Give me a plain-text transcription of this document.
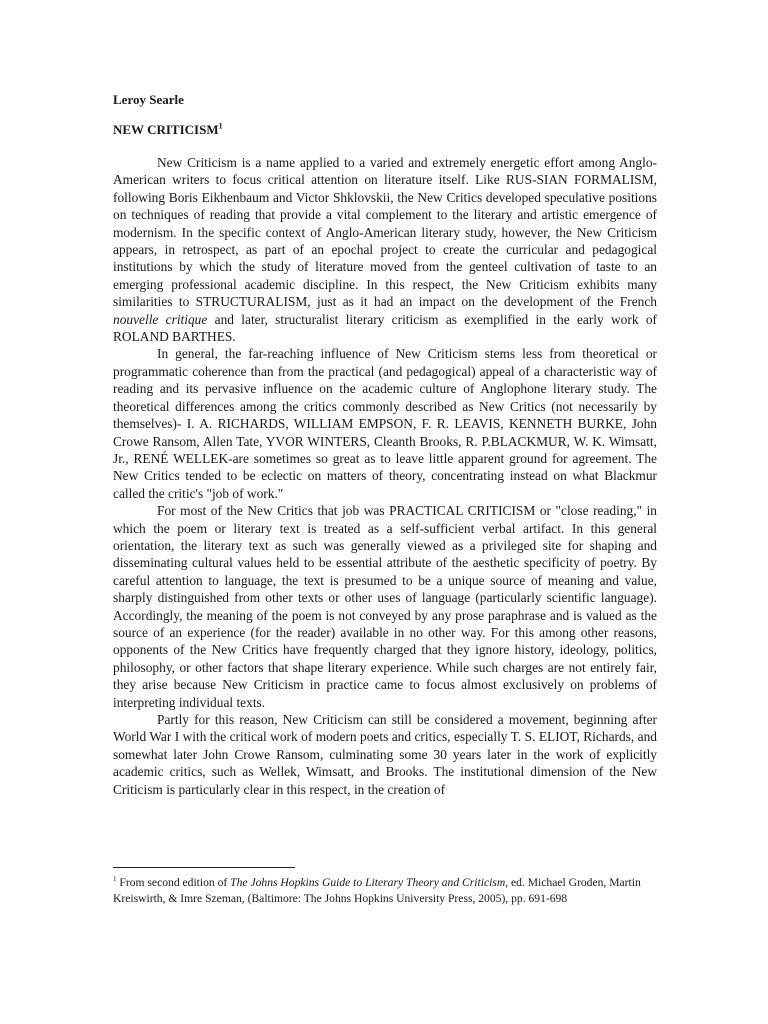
Leroy Searle

NEW CRITICISM$^1$

New Criticism is a name applied to a varied and extremely energetic effort among Anglo-American writers to focus critical attention on literature itself. Like RUS-SIAN FORMALISM, following Boris Eikhenbaum and Victor Shklovskii, the New Critics developed speculative positions on techniques of reading that provide a vital complement to the literary and artistic emergence of modernism. In the specific context of Anglo-American literary study, however, the New Criticism appears, in retrospect, as part of an epochal project to create the curricular and pedagogical institutions by which the study of literature moved from the genteel cultivation of taste to an emerging professional academic discipline. In this respect, the New Criticism exhibits many similarities to STRUCTURALISM, just as it had an impact on the development of the French nouvelle critique and later, structuralist literary criticism as exemplified in the early work of ROLAND BARTHES.

In general, the far-reaching influence of New Criticism stems less from theoretical or programmatic coherence than from the practical (and pedagogical) appeal of a characteristic way of reading and its pervasive influence on the academic culture of Anglophone literary study. The theoretical differences among the critics commonly described as New Critics (not necessarily by themselves)- I. A. RICHARDS, WILLIAM EMPSON, F. R. LEAVIS, KENNETH BURKE, John Crowe Ransom, Allen Tate, YVOR WINTERS, Cleanth Brooks, R. P.BLACKMUR, W. K. Wimsatt, Jr., RENÉ WELLEK-are sometimes so great as to leave little apparent ground for agreement. The New Critics tended to be eclectic on matters of theory, concentrating instead on what Blackmur called the critic's "job of work."

For most of the New Critics that job was PRACTICAL CRITICISM or "close reading," in which the poem or literary text is treated as a self-sufficient verbal artifact. In this general orientation, the literary text as such was generally viewed as a privileged site for shaping and disseminating cultural values held to be essential attribute of the aesthetic specificity of poetry. By careful attention to language, the text is presumed to be a unique source of meaning and value, sharply distinguished from other texts or other uses of language (particularly scientific language). Accordingly, the meaning of the poem is not conveyed by any prose paraphrase and is valued as the source of an experience (for the reader) available in no other way. For this among other reasons, opponents of the New Critics have frequently charged that they ignore history, ideology, politics, philosophy, or other factors that shape literary experience. While such charges are not entirely fair, they arise because New Criticism in practice came to focus almost exclusively on problems of interpreting individual texts.

Partly for this reason, New Criticism can still be considered a movement, beginning after World War I with the critical work of modern poets and critics, especially T. S. ELIOT, Richards, and somewhat later John Crowe Ransom, culminating some 30 years later in the work of explicitly academic critics, such as Wellek, Wimsatt, and Brooks. The institutional dimension of the New Criticism is particularly clear in this respect, in the creation of

$^1$ From second edition of The Johns Hopkins Guide to Literary Theory and Criticism, ed. Michael Groden, Martin Kreiswirth, & Imre Szeman, (Baltimore: The Johns Hopkins University Press, 2005), pp. 691-698
